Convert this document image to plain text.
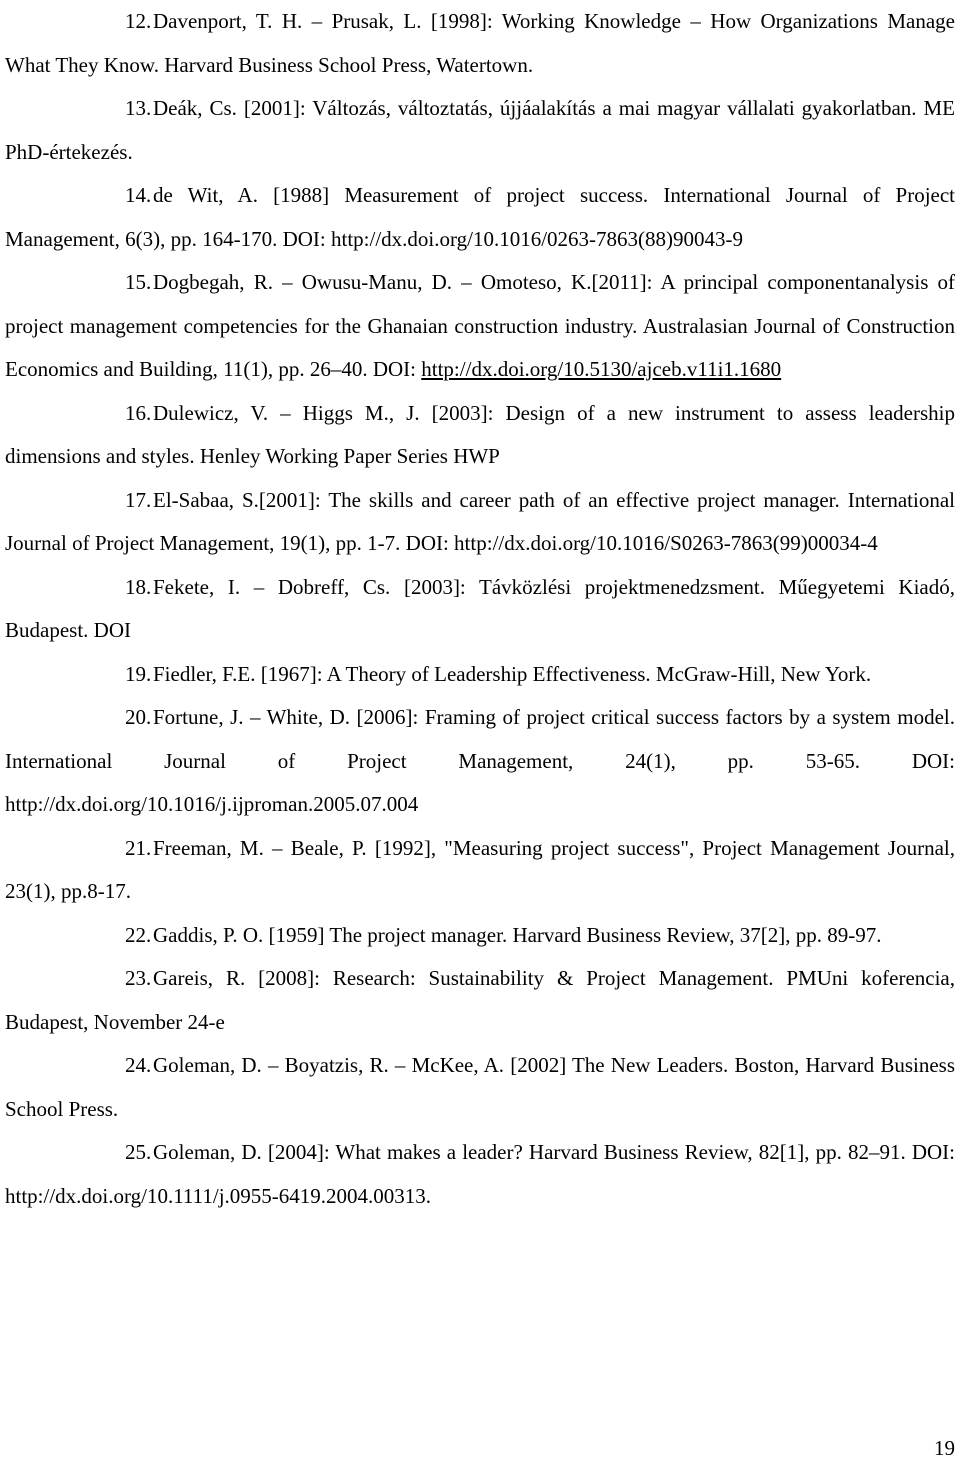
12.Davenport, T. H. – Prusak, L. [1998]: Working Knowledge – How Organizations Manage What They Know. Harvard Business School Press, Watertown.

13.Deák, Cs. [2001]: Változás, változtatás, újjáalakítás a mai magyar vállalati gyakorlatban. ME PhD-értekezés.

14.de Wit, A. [1988] Measurement of project success. International Journal of Project Management, 6(3), pp. 164-170. DOI: http://dx.doi.org/10.1016/0263-7863(88)90043-9

15.Dogbegah, R. – Owusu-Manu, D. – Omoteso, K.[2011]: A principal componentanalysis of project management competencies for the Ghanaian construction industry. Australasian Journal of Construction Economics and Building, 11(1), pp. 26–40. DOI: http://dx.doi.org/10.5130/ajceb.v11i1.1680

16.Dulewicz, V. – Higgs M., J. [2003]: Design of a new instrument to assess leadership dimensions and styles. Henley Working Paper Series HWP

17.El-Sabaa, S.[2001]: The skills and career path of an effective project manager. International Journal of Project Management, 19(1), pp. 1-7. DOI: http://dx.doi.org/10.1016/S0263-7863(99)00034-4

18.Fekete, I. – Dobreff, Cs. [2003]: Távközlési projektmenedzsment. Műegyetemi Kiadó, Budapest. DOI

19.Fiedler, F.E. [1967]: A Theory of Leadership Effectiveness. McGraw-Hill, New York.

20.Fortune, J. – White, D. [2006]: Framing of project critical success factors by a system model. International Journal of Project Management, 24(1), pp. 53-65. DOI: http://dx.doi.org/10.1016/j.ijproman.2005.07.004

21.Freeman, M. – Beale, P. [1992], "Measuring project success", Project Management Journal, 23(1), pp.8-17.

22.Gaddis, P. O. [1959] The project manager. Harvard Business Review, 37[2], pp. 89-97.

23.Gareis, R. [2008]: Research: Sustainability & Project Management. PMUni koferencia, Budapest, November 24-e

24.Goleman, D. – Boyatzis, R. – McKee, A. [2002] The New Leaders. Boston, Harvard Business School Press.

25.Goleman, D. [2004]: What makes a leader? Harvard Business Review, 82[1], pp. 82–91. DOI: http://dx.doi.org/10.1111/j.0955-6419.2004.00313.

19
